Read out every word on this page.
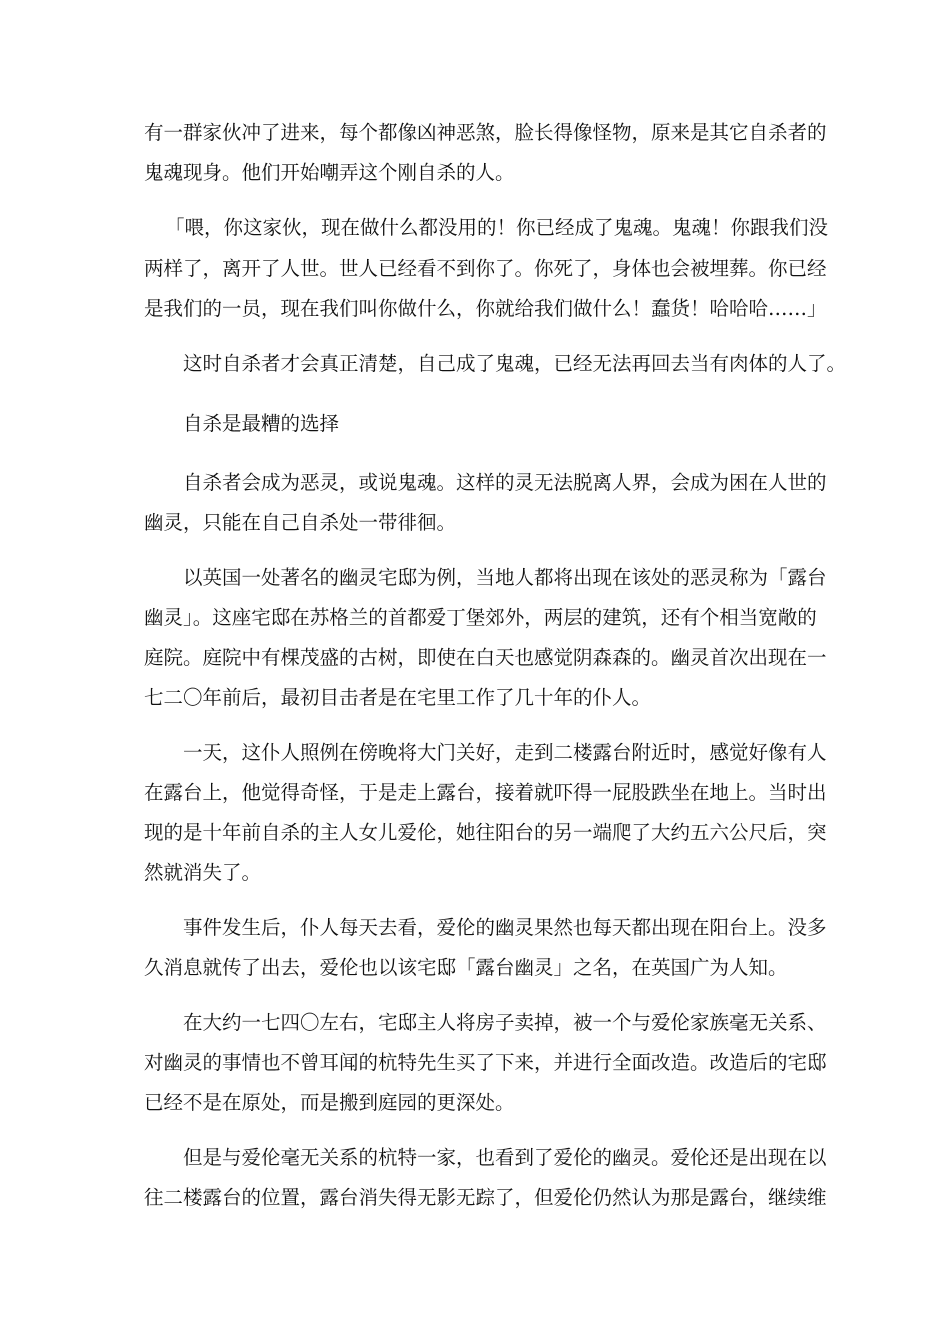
有一群家伙冲了进来，每个都像凶神恶煞，脸长得像怪物，原来是其它自杀者的
鬼魂现身。他们开始嘲弄这个刚自杀的人。
「喂，你这家伙，现在做什么都没用的！你已经成了鬼魂。鬼魂！你跟我们没
两样了，离开了人世。世人已经看不到你了。你死了，身体也会被埋葬。你已经
是我们的一员，现在我们叫你做什么，你就给我们做什么！蠢货！哈哈哈……」
这时自杀者才会真正清楚，自己成了鬼魂，已经无法再回去当有肉体的人了。
自杀是最糟的选择
自杀者会成为恶灵，或说鬼魂。这样的灵无法脱离人界，会成为困在人世的
幽灵，只能在自己自杀处一带徘徊。
以英国一处著名的幽灵宅邸为例，当地人都将出现在该处的恶灵称为「露台
幽灵」。这座宅邸在苏格兰的首都爱丁堡郊外，两层的建筑，还有个相当宽敞的
庭院。庭院中有棵茂盛的古树，即使在白天也感觉阴森森的。幽灵首次出现在一
七二〇年前后，最初目击者是在宅里工作了几十年的仆人。
一天，这仆人照例在傍晚将大门关好，走到二楼露台附近时，感觉好像有人
在露台上，他觉得奇怪，于是走上露台，接着就吓得一屁股跌坐在地上。当时出
现的是十年前自杀的主人女儿爱伦，她往阳台的另一端爬了大约五六公尺后，突
然就消失了。
事件发生后，仆人每天去看，爱伦的幽灵果然也每天都出现在阳台上。没多
久消息就传了出去，爱伦也以该宅邸「露台幽灵」之名，在英国广为人知。
在大约一七四〇左右，宅邸主人将房子卖掉，被一个与爱伦家族毫无关系、
对幽灵的事情也不曾耳闻的杭特先生买了下来，并进行全面改造。改造后的宅邸
已经不是在原处，而是搬到庭园的更深处。
但是与爱伦毫无关系的杭特一家，也看到了爱伦的幽灵。爱伦还是出现在以
往二楼露台的位置，露台消失得无影无踪了，但爱伦仍然认为那是露台，继续维
